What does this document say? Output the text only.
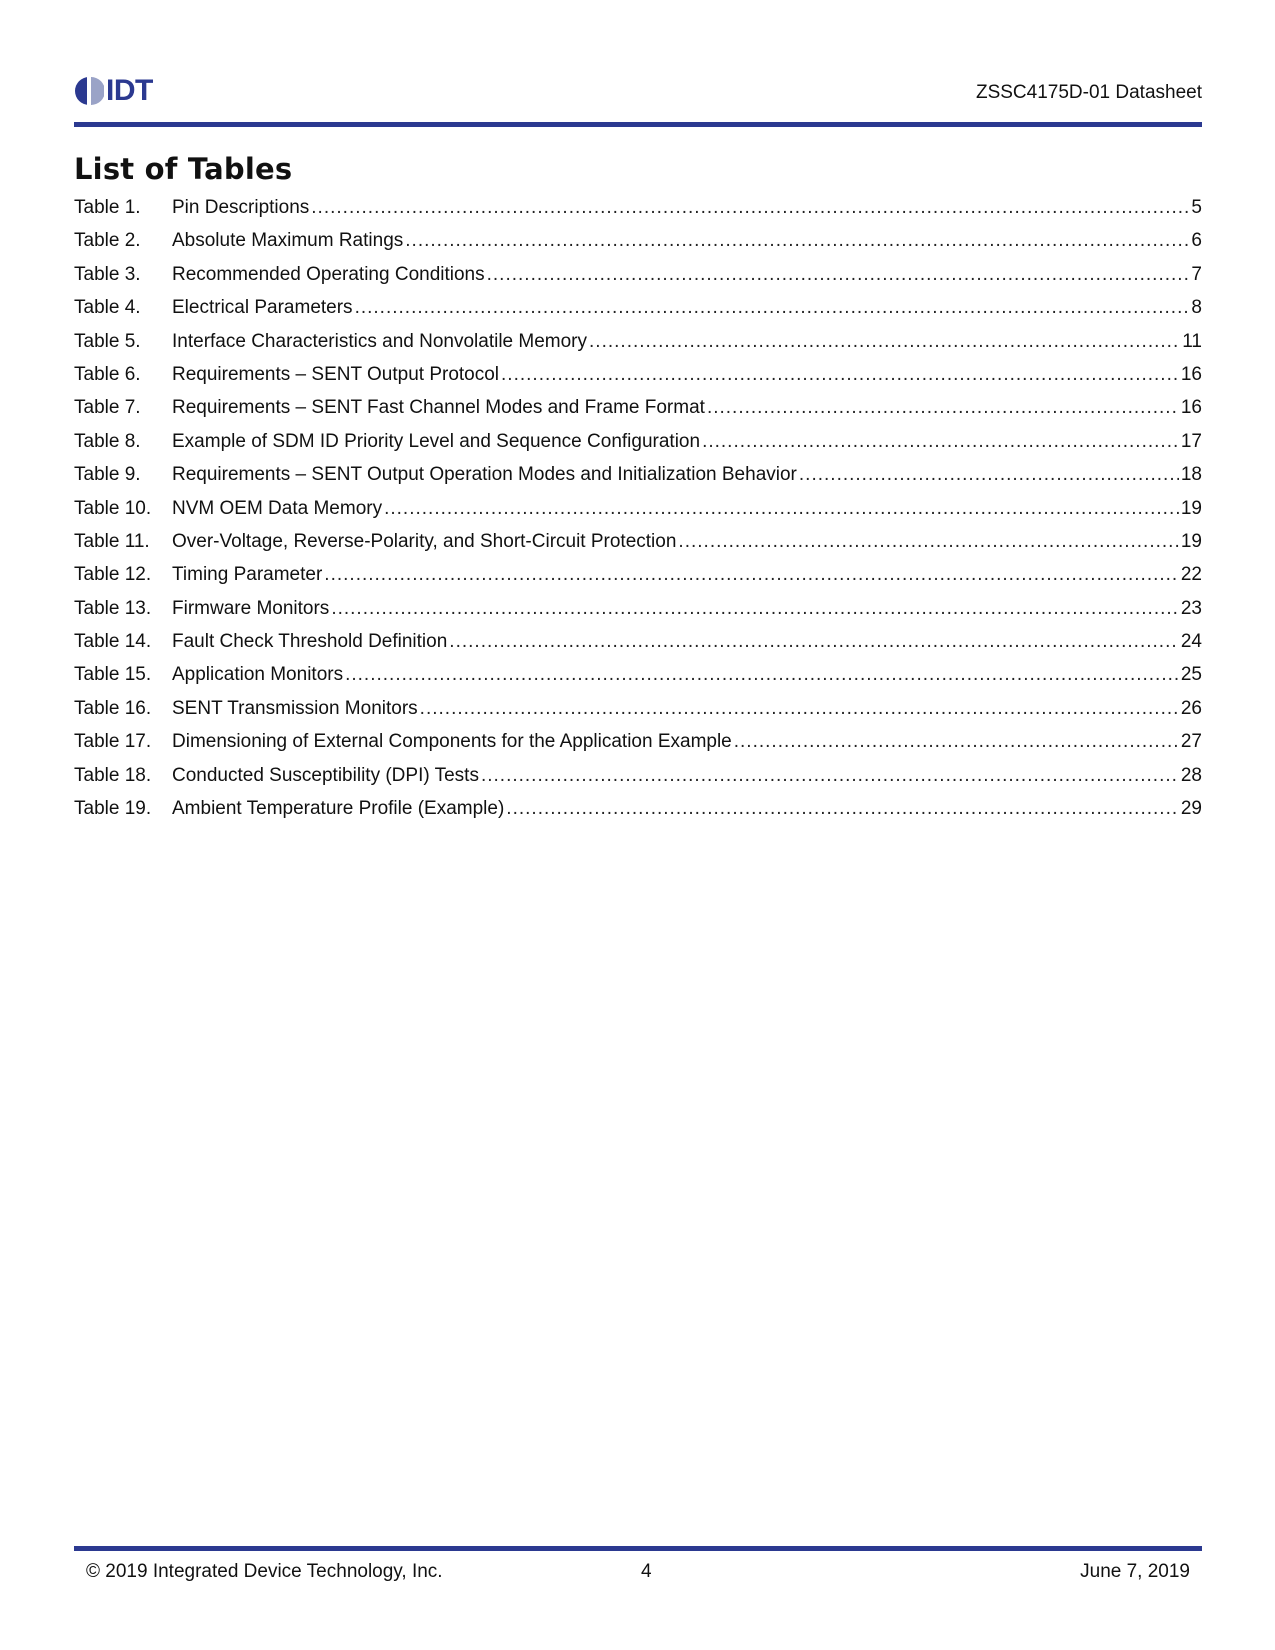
IDT	ZSSC4175D-01 Datasheet
List of Tables
Table 1.	Pin Descriptions .....	5
Table 2.	Absolute Maximum Ratings .....	6
Table 3.	Recommended Operating Conditions .....	7
Table 4.	Electrical Parameters .....	8
Table 5.	Interface Characteristics and Nonvolatile Memory .....	11
Table 6.	Requirements – SENT Output Protocol .....	16
Table 7.	Requirements – SENT Fast Channel Modes and Frame Format .....	16
Table 8.	Example of SDM ID Priority Level and Sequence Configuration .....	17
Table 9.	Requirements – SENT Output Operation Modes and Initialization Behavior .....	18
Table 10.	NVM OEM Data Memory .....	19
Table 11.	Over-Voltage, Reverse-Polarity, and Short-Circuit Protection .....	19
Table 12.	Timing Parameter .....	22
Table 13.	Firmware Monitors .....	23
Table 14.	Fault Check Threshold Definition .....	24
Table 15.	Application Monitors .....	25
Table 16.	SENT Transmission Monitors .....	26
Table 17.	Dimensioning of External Components for the Application Example .....	27
Table 18.	Conducted Susceptibility (DPI) Tests .....	28
Table 19.	Ambient Temperature Profile (Example) .....	29
© 2019 Integrated Device Technology, Inc.	4	June 7, 2019
